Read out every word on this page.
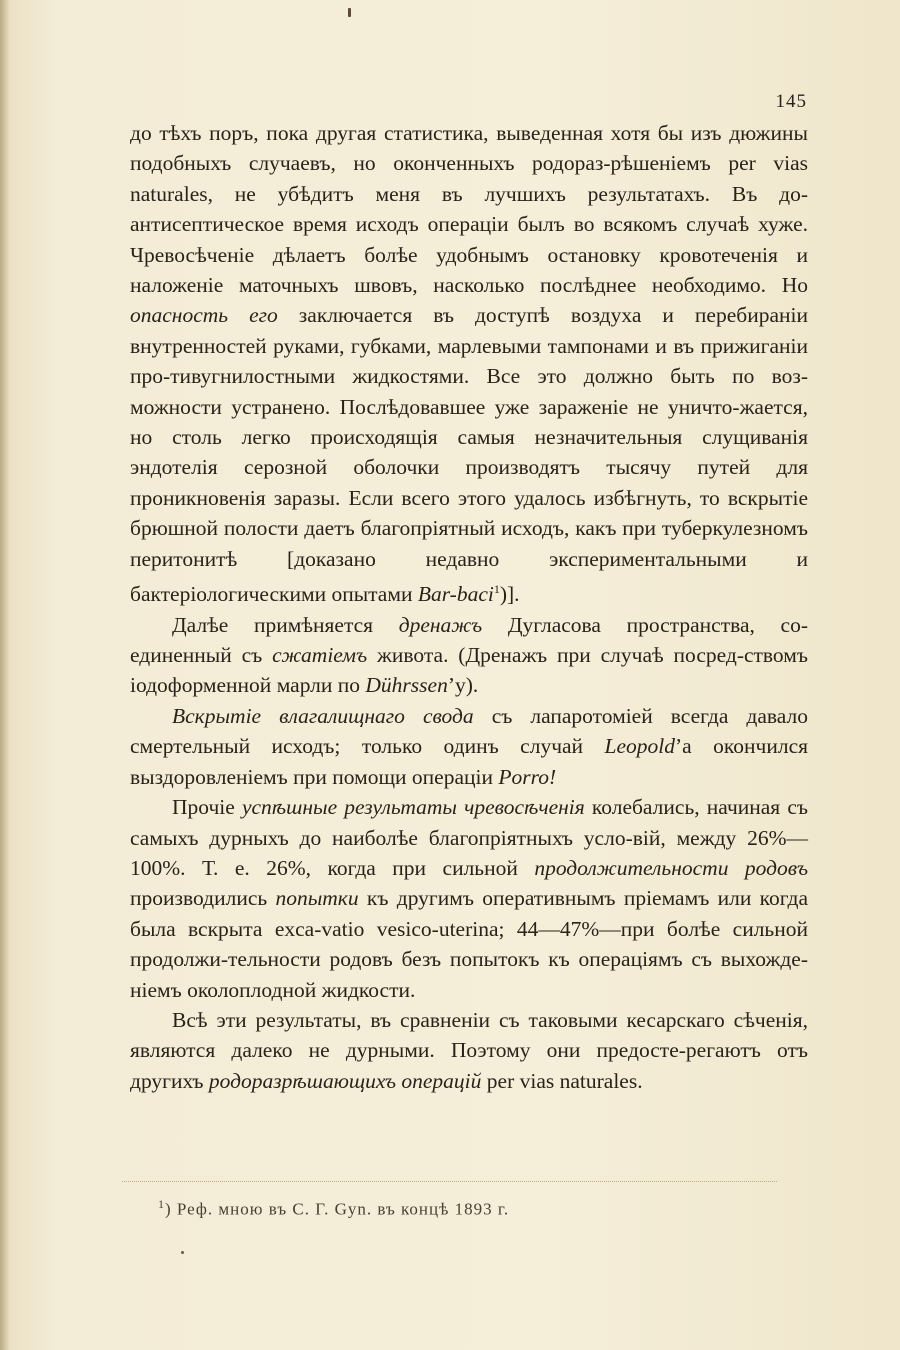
145

до тѣхъ поръ, пока другая статистика, выведенная хотя бы изъ дюжины подобныхъ случаевъ, но оконченныхъ родораз-рѣшеніемъ per vias naturales, не убѣдитъ меня въ лучшихъ результатахъ. Въ до-антисептическое время исходъ операціи былъ во всякомъ случаѣ хуже. Чревосѣченіе дѣлаетъ болѣе удобнымъ остановку кровотеченія и наложеніе маточныхъ швовъ, насколько послѣднее необходимо. Но опасность его заключается въ доступѣ воздуха и перебираніи внутренностей руками, губками, марлевыми тампонами и въ прижиганіи про-тивугнилостными жидкостями. Все это должно быть по воз-можности устранено. Послѣдовавшее уже зараженіе не уничто-жается, но столь легко происходящія самыя незначительныя слущиванія эндотелія серозной оболочки производятъ тысячу путей для проникновенія заразы. Если всего этого удалось избѣгнуть, то вскрытіе брюшной полости даетъ благопріятный исходъ, какъ при туберкулезномъ перитонитѣ [доказано недавно экспериментальными и бактеріологическими опытами Bar-baci$^1$)].

Далѣе примѣняется дренажъ Дугласова пространства, со-единенный съ сжатіемъ живота. (Дренажъ при случаѣ посред-ствомъ іодоформенной марли по Dührssen’у).

Вскрытіе влагалищнаго свода съ лапаротоміей всегда давало смертельный исходъ; только одинъ случай Leopold’а окончился выздоровленіемъ при помощи операціи Porro!

Прочіе успѣшные результаты чревосѣченія колебались, начиная съ самыхъ дурныхъ до наиболѣе благопріятныхъ усло-вій, между 26%—100%. Т. е. 26%, когда при сильной продолжительности родовъ производились попытки къ другимъ оперативнымъ пріемамъ или когда была вскрыта exca-vatio vesico-uterina; 44—47%—при болѣе сильной продолжи-тельности родовъ безъ попытокъ къ операціямъ съ выхожде-ніемъ околоплодной жидкости.

Всѣ эти результаты, въ сравненіи съ таковыми кесарскаго сѣченія, являются далеко не дурными. Поэтому они предосте-регаютъ отъ другихъ родоразрѣшающихъ операцій per vias naturales.

$^1$) Реф. мною въ С. Г. Gyn. въ концѣ 1893 г.
